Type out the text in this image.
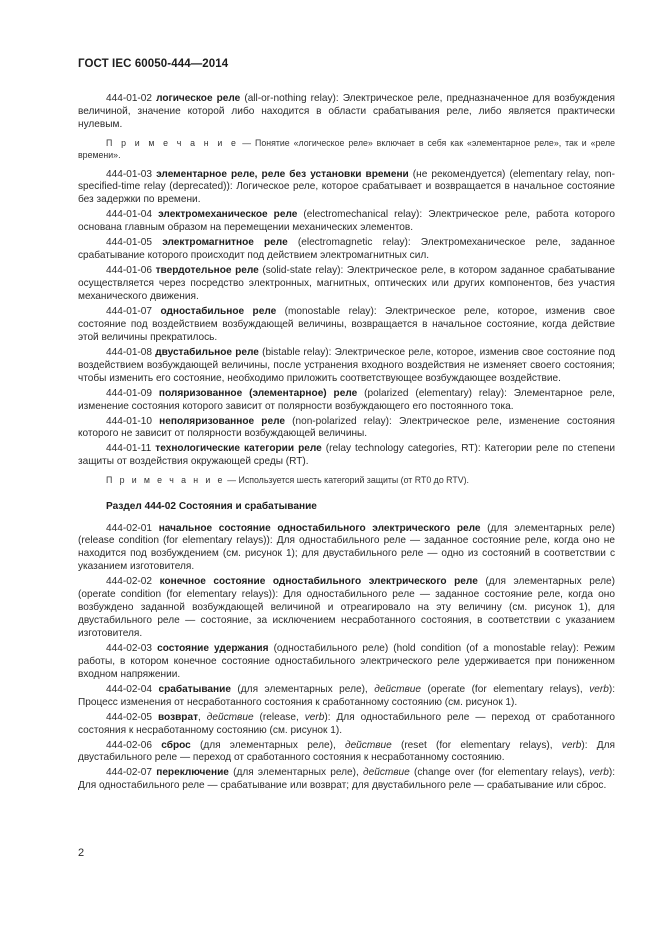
ГОСТ IEC 60050-444—2014

444-01-02 логическое реле (all-or-nothing relay): Электрическое реле, предназначенное для возбуждения величиной, значение которой либо находится в области срабатывания реле, либо является практически нулевым.

П р и м е ч а н и е — Понятие «логическое реле» включает в себя как «элементарное реле», так и «реле времени».

444-01-03 элементарное реле, реле без установки времени (не рекомендуется) (elementary relay, non-specified-time relay (deprecated)): Логическое реле, которое срабатывает и возвращается в начальное состояние без задержки по времени.

444-01-04 электромеханическое реле (electromechanical relay): Электрическое реле, работа которого основана главным образом на перемещении механических элементов.

444-01-05 электромагнитное реле (electromagnetic relay): Электромеханическое реле, заданное срабатывание которого происходит под действием электромагнитных сил.

444-01-06 твердотельное реле (solid-state relay): Электрическое реле, в котором заданное срабатывание осуществляется через посредство электронных, магнитных, оптических или других компонентов, без участия механического движения.

444-01-07 одностабильное реле (monostable relay): Электрическое реле, которое, изменив свое состояние под воздействием возбуждающей величины, возвращается в начальное состояние, когда действие этой величины прекратилось.

444-01-08 двустабильное реле (bistable relay): Электрическое реле, которое, изменив свое состояние под воздействием возбуждающей величины, после устранения входного воздействия не изменяет своего состояния; чтобы изменить его состояние, необходимо приложить соответствующее возбуждающее воздействие.

444-01-09 поляризованное (элементарное) реле (polarized (elementary) relay): Элементарное реле, изменение состояния которого зависит от полярности возбуждающего его постоянного тока.

444-01-10 неполяризованное реле (non-polarized relay): Электрическое реле, изменение состояния которого не зависит от полярности возбуждающей величины.

444-01-11 технологические категории реле (relay technology categories, RT): Категории реле по степени защиты от воздействия окружающей среды (RT).

П р и м е ч а н и е — Используется шесть категорий защиты (от RT0 до RTV).

Раздел 444-02 Состояния и срабатывание

444-02-01 начальное состояние одностабильного электрического реле (для элементарных реле) (release condition (for elementary relays)): Для одностабильного реле — заданное состояние реле, когда оно не находится под возбуждением (см. рисунок 1); для двустабильного реле — одно из состояний в соответствии с указанием изготовителя.

444-02-02 конечное состояние одностабильного электрического реле (для элементарных реле) (operate condition (for elementary relays)): Для одностабильного реле — заданное состояние реле, когда оно возбуждено заданной возбуждающей величиной и отреагировало на эту величину (см. рисунок 1), для двустабильного реле — состояние, за исключением несработанного состояния, в соответствии с указанием изготовителя.

444-02-03 состояние удержания (одностабильного реле) (hold condition (of a monostable relay): Режим работы, в котором конечное состояние одностабильного электрического реле удерживается при пониженном входном напряжении.

444-02-04 срабатывание (для элементарных реле), действие (operate (for elementary relays), verb): Процесс изменения от несработанного состояния к сработанному состоянию (см. рисунок 1).

444-02-05 возврат, действие (release, verb): Для одностабильного реле — переход от сработанного состояния к несработанному состоянию (см. рисунок 1).

444-02-06 сброс (для элементарных реле), действие (reset (for elementary relays), verb): Для двустабильного реле — переход от сработанного состояния к несработанному состоянию.

444-02-07 переключение (для элементарных реле), действие (change over (for elementary relays), verb): Для одностабильного реле — срабатывание или возврат; для двустабильного реле — срабатывание или сброс.

2
